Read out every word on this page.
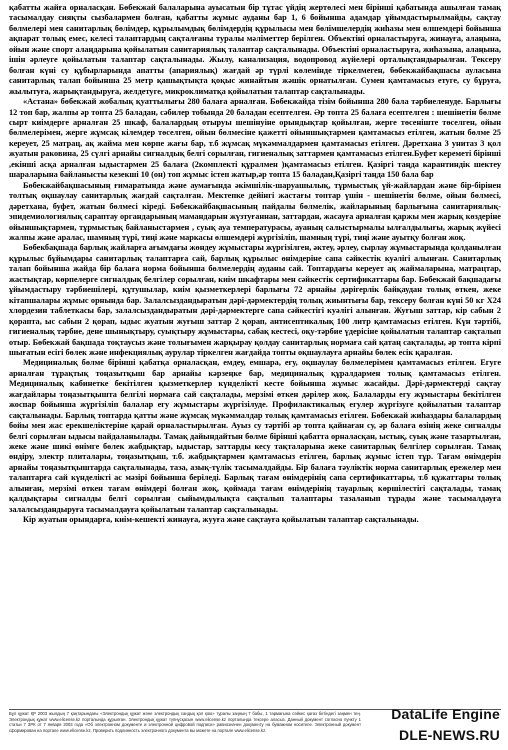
қабатты жайға орналасқан. Бөбекжай балаларына ауысатын бір тұтас үйдің жертөлесі мен бірінші қабатында ашылған тамақ тасымалдау сияқты сызбалармен болған, қабатты жұмыс ауданы бар 1, 6 бойынша адамдар ұйымдастырылмайды, сақтау бөлмелері мен санитарлық бөлімдер, құрылымдық бөлімдердің құрылысы мен бөлімшелердің жиһазы мен өлшемдері бойынша ақпарат толық емес, келесі талаптардың сақталғаны туралы мәліметтер берілген. Объектіні орналастыруға, жинауға, алаңына, ойын және спорт алаңдарына қойылатын санитариялық талаптар сақталынады. Объектіні орналастыруға, жиһазына, алаңына, ішін әрлеуге қойылатын талаптар сақталынады. Жылу, канализация, водопровод жүйелері орталықтандырылған. Тексеру болған күні су құбырларында апатты (апариялық) жағдай әр түрлі көлемінде тіркелмеген, бөбекжайбақшасы ауласына санитарлық талап бойынша 25 метр қашықтықта қоқыс жинайтын жәшік орнатылған. Сумен қамтамасыз етуге, су бұруға, жылытуға, жарықтандыруға, желдетуге, микроклиматқа қойылатын талаптар сақталынады.

«Астана» бөбекжай жобалық қуаттылығы 280 балаға арналған. Бөбекжайда тізім бойынша 280 бала тәрбиеленуде. Барлығы 12 топ бар, жалпы әр топта 25 баладан, сәбилер тобында 20 баладан есептелген. Әр топта 25 балаға есептелген : шешінетін бөлме сырт киімдерге арналған 25 шкаф, балалардың отыруы шешінуіне орындықтар қойылған, жерге төсеніште төселген, ойын бөлмелерімен, жерге жұмсақ кілемдер төселген, ойын бөлмесіне қажетті ойыншықтармен қамтамасыз етілген, жатын бөлме 25 кереует, 25 матрац, ақ жайма мен көрпе жағы бар, т.б жұмсақ мүкәммалдармен қамтамасыз етілген. Дәретхана 3 унитаз 3 қол жуатын раковина, 25 сүлгі арнайы сигналдық белгі сорылған, гигиеналық заттармен қамтамасыз етілген.Буфет кереметі бірінші ,екінші асқа арналған ыдыстармен 25 балаға (2комплекті құралмен )қамтамасыз етілген. Қазіргі таңда карантиндік шектеу шараларына байланысты кезекші 10 (он) топ жұмыс істеп жатыр,әр топта 15 баладан,Қазіргі таңда 150 бала бар

Бөбекжайбақшасының ғимаратында және аумағында әкімшілік-шаруашылық, тұрмыстық үй-жайлардан және бір-бірінен толтық оқшаулау санитарлық жағдай сақталған. Мектепке дейінгі жастағы топтар үшін - шешінетін бөлме, ойын бөлмесі, дәретхана, буфет, жатын бөлмесі кіреді. Бөбекжайбақшасының пайдалы бөлмелік, жайларының барлығына санитариялық-эпидемиологиялық сараптау органдарының мамандарын жүзтуғаннан, заттардан, жасауға арналған қаржы мен жарық көздеріне ойыншықтармен, тұрмыстық байланыстармен , суық ауа температурасы, ауаның салыстырмалы ылғалдылығы, жарық жүйесі жалпы және аралас, шамның түрі, тиңі және маркасы өлшемдері жүргізіліп, шамның түрі, тиңі және ауытқу болған жоқ.

Бөбекбақшада барлық жайларға ағымдағы жөндеу жұмыстары жүргізілген, әктеу, әрлеу, сырлау жұмыстарында қолданылған құрылыс бұйымдары санитарлық талаптарға сай, барлық құрылыс өнімдеріне сапа сәйкестік куәлігі алынған. Санитарлық талап бойынша жайда бір балаға норма бойынша бөлмелердің ауданы сай. Топтардағы кереует ақ жаймаларына, матрацтар, жастықтар, көрпелерге сигналдық белгілер сорылған, киім шкафтары мен сәйкестік сертификаттары бар. Бөбекжай бақшадағы ұйымдастыру тәрбиешілері, құтушылар, киім қызметкерлері барлығы 72 арнайы дәрігерлік байқаудан толық өткен, жеке кітапшалары жұмыс орнында бар. Залалсыздандыратын дәрі-дәрмектердің толық жиынтығы бар, тексеру болған күні 50 кг X24 хлордезин таблеткасы бар, залалсыздандыратын дәрі-дәрмектерге сапа сәйкестігі куәлігі алынған. Жуғыш заттар, кір сабын 2 қорапта, ыс сабын 2 қорап, ыдыс жуатын жуғыш заттар 2 қорап, антисептикалық 100 литр қамтамасыз етілген. Күн тәртібі, гигиеналық тәрбие, дене шынықтыру, суықтыру жұмыстары, сабақ кестесі, оқу-тәрбие үдерісіне қойылатын талаптар сақталып отыр. Бөбекжай бақшада тоқтаусыз және толығымен жарқырау қолдау санитарлық нормаға сай қатаң сақталады, әр топта кірпі шығатын есігі бөлек және инфекциялық аурулар тіркелген жағдайда топты оқшаулауға арнайы бөлек есік қаралған.

Медициналық бөлме бірінші қабатқа орналасқан, емдеу, емшара, егу, оқшаулау бөлмелерімен қамтамасыз етілген. Егуге арналған тұрақтық тоңазытқыш бар арнайы кәрзеңке бар, медициналық құралдармен толық қамтамасыз етілген. Медициналық кабинетке бекітілген қызметкерлер күнделікті кесте бойынша жұмыс жасайды. Дәрі-дәрмектерді сақтау жағдайлары тоңазытқышта белгілі нормаға сай сақталады, мерзімі өткен дәрілер жоқ. Балаларды егу жұмыстары бекітілген жоспар бойынша жүргізіліп балалар егу жұмыстары жүргізілуде. Профилактикалық егулер жүргізуге қойылатын талаптар сақталынады. Барлық топтарда қатты және жұмсақ мүкәммалдар толық қамтамасыз етілген. Бөбекжай жиһаздары балалардың бойы мен жас ерекшеліктеріне қарай орналастырылған. Ауыз су тәртібі әр топта қайнаған су, әр балаға өзінің жеке сигналды белгі сорылған ыдысы пайдаланылады. Тамақ дайындайтын бөлме бірінші қабатта орналасқан, ыстық, суық және тазартылған, жеке және шикі өнімге бөлек жабдықтар, ыдыстар, заттарды кесу тақталарына жеке санитарлық белгілер сорылған. Тамақ өндіру, электр плиталары, тоңазытқыш, т.б. жабдықтармен қамтамасыз етілген, барлық жұмыс істеп тұр. Тағам өнімдерін арнайы тоңазытқыштарда сақталынады, таза, азық-түлік тасымалдайды. Бір балаға тәуліктік норма санитарлық ережелер мен талаптарға сай күнделікті ас мәзірі бойынша беріледі. Барлық тағам өнімдерінің сапа сертификаттары, т.б құжаттары толық алынған, мерзімі өткен тағам өнімдері болған жоқ, қоймада тағам өнімдерінің тауарлық көршілестігі сақталады, тамақ қалдықтары сигналды белгі сорылған сыйымдылықта сақталып талаптары тазаланып тұрады және тасымалдауға залалсыздандыруға тасымалдауға қойылатын талаптар сақталынады.

Кір жуатын орындарға, киім-кешекті жинауға, жууға және сақтауға қойылатын талаптар сақталынады.

Бұл құжат ҚР 2003 жылдың 7 қаңтарындағы «Электрондық құжат және электрондық сандық қол қою» туралы заңның 7 бабы, 1 тармағына сәйкес қағаз бетіндегі заңмен тең. Электрондық құжат www.elicense.kz порталында құрылған. Электрондық құжат түпнұсқасын www.elicense.kz порталында тексере аласыз. Данный документ согласно пункту 1 статьи 7 ЗРК от 7 января 2003 года «Об электронном документе и электронной цифровой подписи» равнозначен документу на бумажном носителе. Электронный документ сформирован на портале www.elicense.kz. Проверить подлинность электронного документа вы можете на портале www.elicense.kz.
DataLife Engine
DLE-NEWS.RU
